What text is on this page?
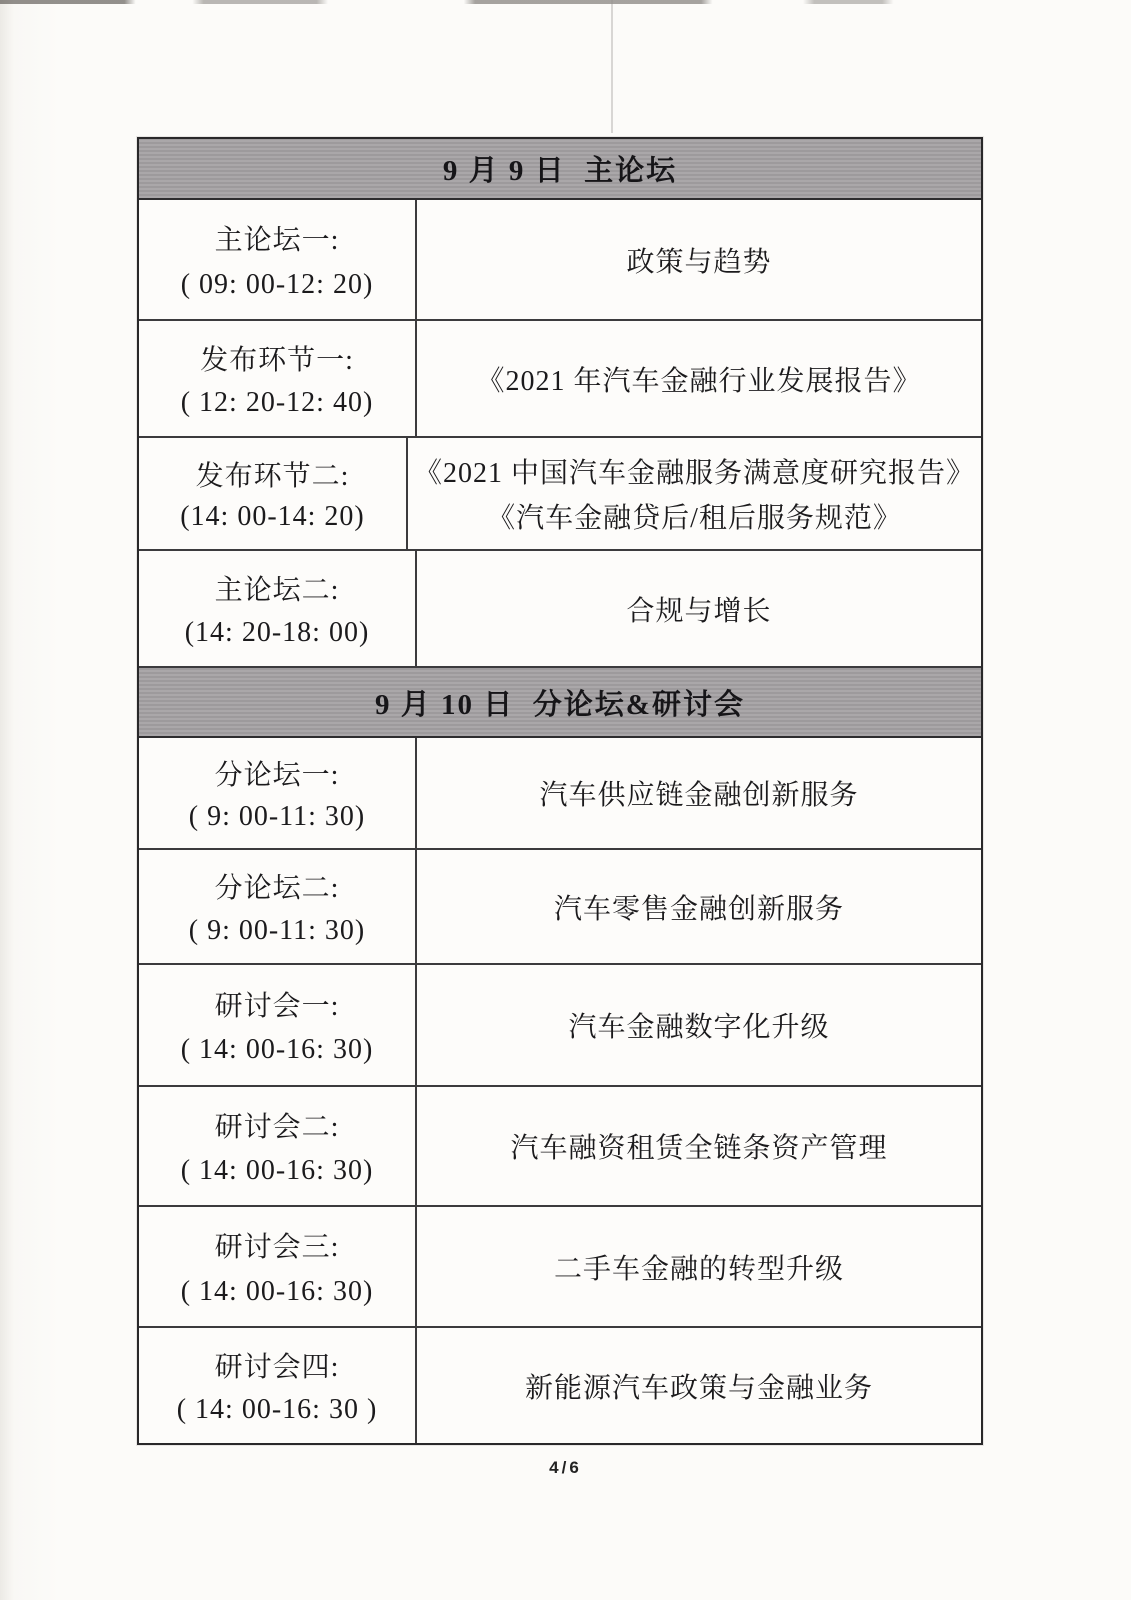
9 月 9 日  主论坛
主论坛一:
( 09: 00-12: 20)
政策与趋势
发布环节一:
( 12: 20-12: 40)
《2021 年汽车金融行业发展报告》
发布环节二:
(14: 00-14: 20)
《2021 中国汽车金融服务满意度研究报告》
《汽车金融贷后/租后服务规范》
主论坛二:
(14: 20-18: 00)
合规与增长
9 月 10 日  分论坛&研讨会
分论坛一:
( 9: 00-11: 30)
汽车供应链金融创新服务
分论坛二:
( 9: 00-11: 30)
汽车零售金融创新服务
研讨会一:
( 14: 00-16: 30)
汽车金融数字化升级
研讨会二:
( 14: 00-16: 30)
汽车融资租赁全链条资产管理
研讨会三:
( 14: 00-16: 30)
二手车金融的转型升级
研讨会四:
( 14: 00-16: 30 )
新能源汽车政策与金融业务
4/6
